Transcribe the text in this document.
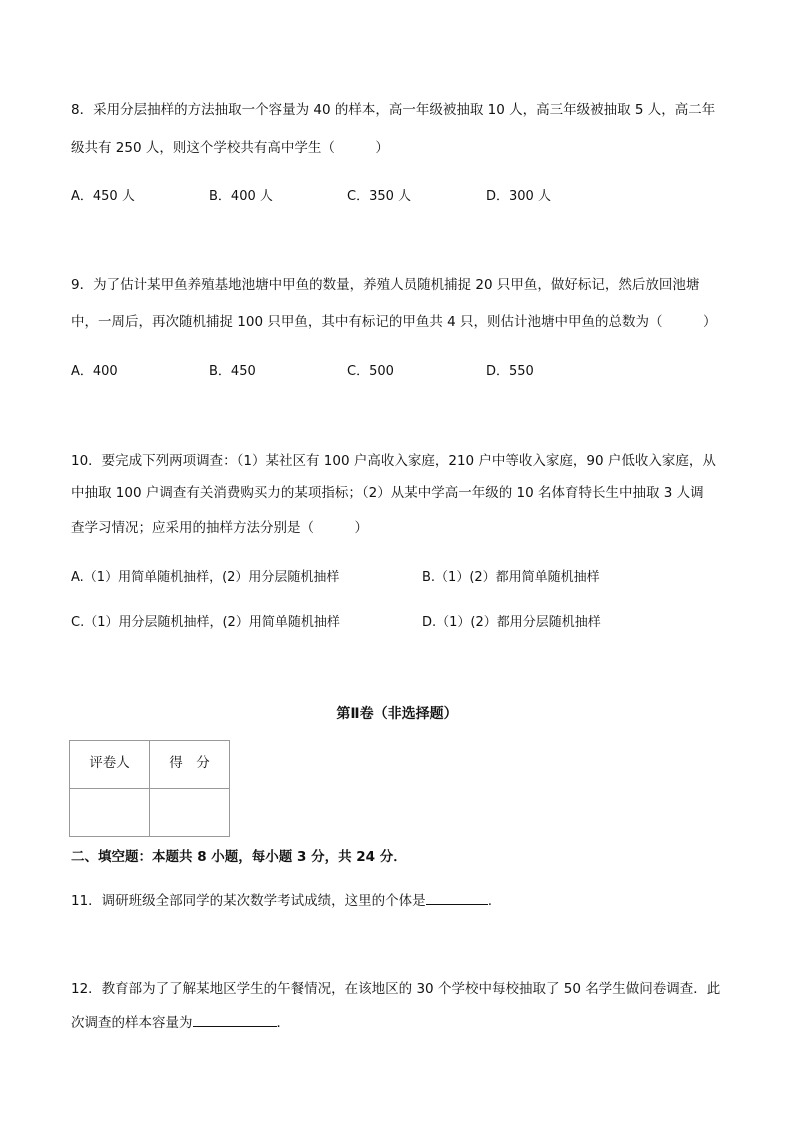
8．采用分层抽样的方法抽取一个容量为 40 的样本，高一年级被抽取 10 人，高三年级被抽取 5 人，高二年
级共有 250 人，则这个学校共有高中学生（　　　）
A．450 人	B．400 人	C．350 人	D．300 人
9．为了估计某甲鱼养殖基地池塘中甲鱼的数量，养殖人员随机捕捉 20 只甲鱼，做好标记，然后放回池塘
中，一周后，再次随机捕捉 100 只甲鱼，其中有标记的甲鱼共 4 只，则估计池塘中甲鱼的总数为（　　　）
A．400	B．450	C．500	D．550
10．要完成下列两项调查：（1）某社区有 100 户高收入家庭，210 户中等收入家庭，90 户低收入家庭，从
中抽取 100 户调查有关消费购买力的某项指标；（2）从某中学高一年级的 10 名体育特长生中抽取 3 人调
查学习情况；应采用的抽样方法分别是（　　　）
A.（1）用简单随机抽样，(2）用分层随机抽样	B.（1）(2）都用简单随机抽样
C.（1）用分层随机抽样，(2）用简单随机抽样	D.（1）(2）都用分层随机抽样
第Ⅱ卷（非选择题）
评卷人	得　分

二、填空题：本题共 8 小题，每小题 3 分，共 24 分．
11．调研班级全部同学的某次数学考试成绩，这里的个体是	.
12．教育部为了了解某地区学生的午餐情况，在该地区的 30 个学校中每校抽取了 50 名学生做问卷调查．此
次调查的样本容量为	．
